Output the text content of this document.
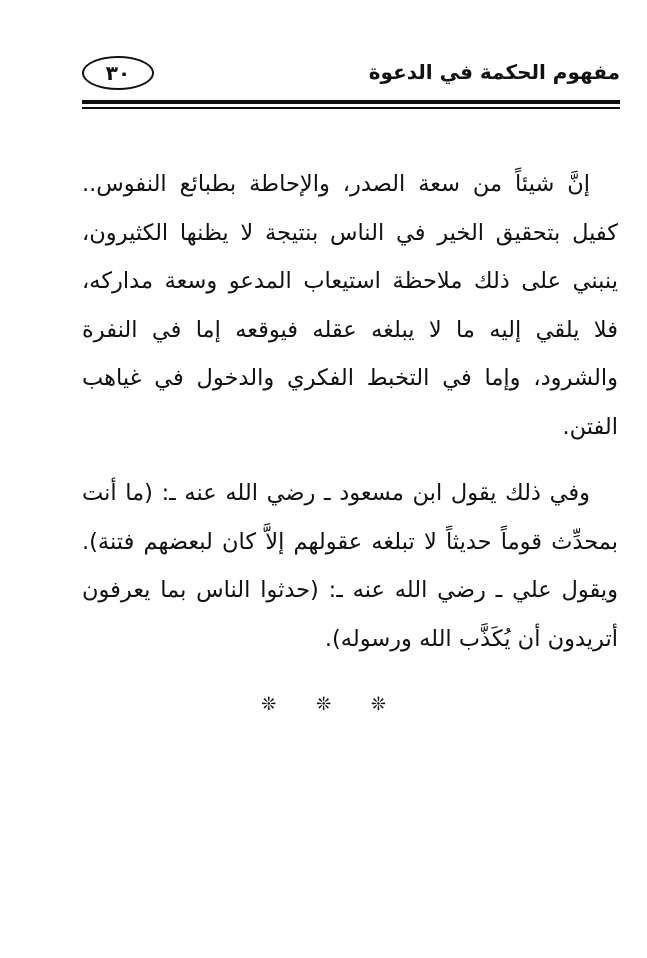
٣٠	مفهوم الحكمة في الدعوة

إنَّ شيئاً من سعة الصدر، والإحاطة بطبائع النفوس.. كفيل بتحقيق الخير في الناس بنتيجة لا يظنها الكثيرون، ينبني على ذلك ملاحظة استيعاب المدعو وسعة مداركه، فلا يلقي إليه ما لا يبلغه عقله فيوقعه إما في النفرة والشرود، وإما في التخبط الفكري والدخول في غياهب الفتن.

وفي ذلك يقول ابن مسعود ـ رضي الله عنه ـ: (ما أنت بمحدِّث قوماً حديثاً لا تبلغه عقولهم إلاَّ كان لبعضهم فتنة). ويقول علي ـ رضي الله عنه ـ: (حدثوا الناس بما يعرفون أتريدون أن يُكَذَّب الله ورسوله).

❊ ❊ ❊
